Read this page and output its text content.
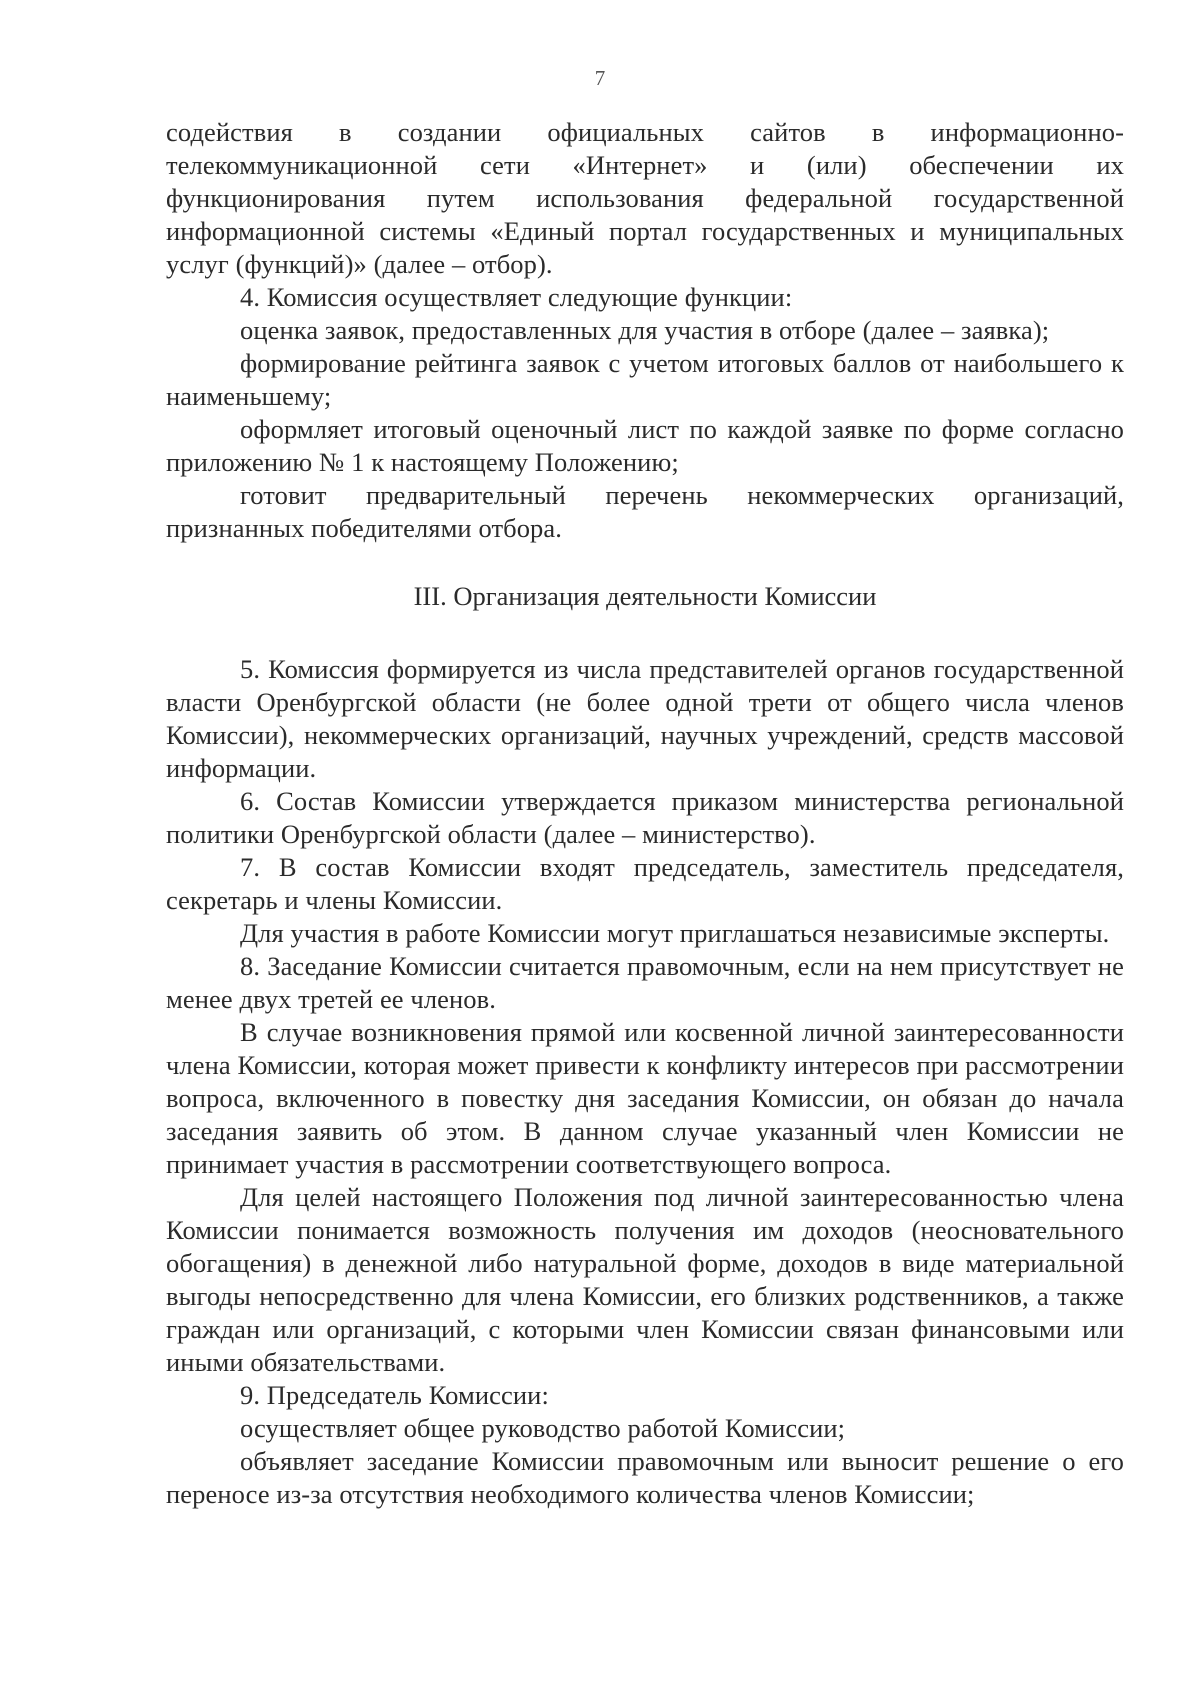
7

содействия в создании официальных сайтов в информационно-телекоммуникационной сети «Интернет» и (или) обеспечении их функционирования путем использования федеральной государственной информационной системы «Единый портал государственных и муниципальных услуг (функций)» (далее – отбор).

4. Комиссия осуществляет следующие функции:

оценка заявок, предоставленных для участия в отборе (далее – заявка);

формирование рейтинга заявок с учетом итоговых баллов от наибольшего к наименьшему;

оформляет итоговый оценочный лист по каждой заявке по форме согласно приложению № 1 к настоящему Положению;

готовит предварительный перечень некоммерческих организаций, признанных победителями отбора.

III. Организация деятельности Комиссии

5. Комиссия формируется из числа представителей органов государственной власти Оренбургской области (не более одной трети от общего числа членов Комиссии), некоммерческих организаций, научных учреждений, средств массовой информации.

6. Состав Комиссии утверждается приказом министерства региональной политики Оренбургской области (далее – министерство).

7. В состав Комиссии входят председатель, заместитель председателя, секретарь и члены Комиссии.

Для участия в работе Комиссии могут приглашаться независимые эксперты.

8. Заседание Комиссии считается правомочным, если на нем присутствует не менее двух третей ее членов.

В случае возникновения прямой или косвенной личной заинтересованности члена Комиссии, которая может привести к конфликту интересов при рассмотрении вопроса, включенного в повестку дня заседания Комиссии, он обязан до начала заседания заявить об этом. В данном случае указанный член Комиссии не принимает участия в рассмотрении соответствующего вопроса.

Для целей настоящего Положения под личной заинтересованностью члена Комиссии понимается возможность получения им доходов (неосновательного обогащения) в денежной либо натуральной форме, доходов в виде материальной выгоды непосредственно для члена Комиссии, его близких родственников, а также граждан или организаций, с которыми член Комиссии связан финансовыми или иными обязательствами.

9. Председатель Комиссии:

осуществляет общее руководство работой Комиссии;

объявляет заседание Комиссии правомочным или выносит решение о его переносе из-за отсутствия необходимого количества членов Комиссии;
